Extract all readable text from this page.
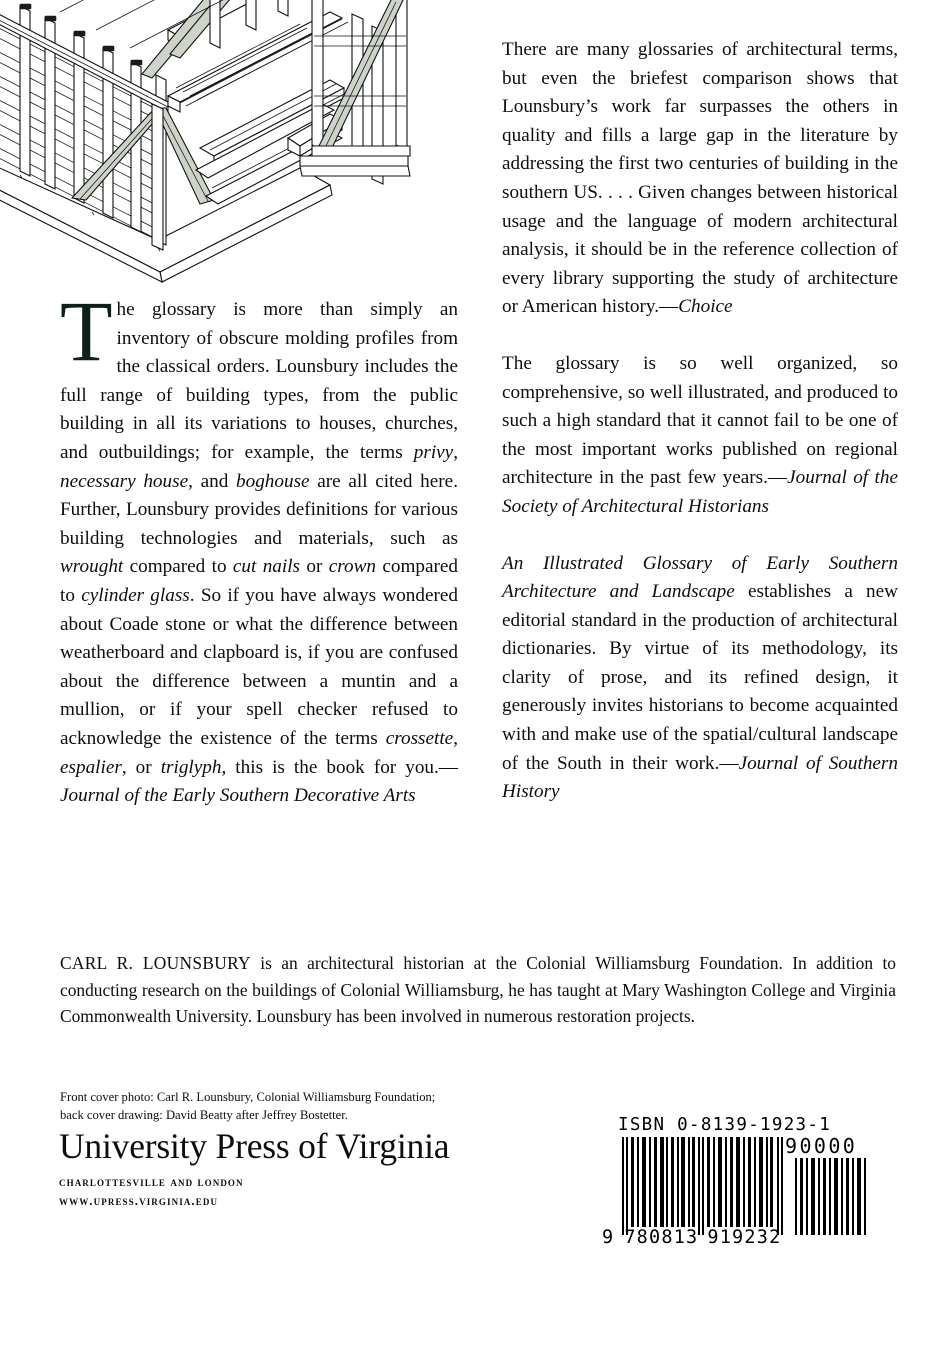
The glossary is more than simply an inventory of obscure molding profiles from the classical orders. Lounsbury includes the full range of building types, from the public building in all its variations to houses, churches, and outbuildings; for example, the terms privy, necessary house, and boghouse are all cited here. Further, Lounsbury provides definitions for various building technologies and materials, such as wrought compared to cut nails or crown compared to cylinder glass. So if you have always wondered about Coade stone or what the difference between weatherboard and clapboard is, if you are confused about the difference between a muntin and a mullion, or if your spell checker refused to acknowledge the existence of the terms crossette, espalier, or triglyph, this is the book for you.—Journal of the Early Southern Decorative Arts

There are many glossaries of architectural terms, but even the briefest comparison shows that Lounsbury’s work far surpasses the others in quality and fills a large gap in the literature by addressing the first two centuries of building in the southern US. . . . Given changes between historical usage and the language of modern architectural analysis, it should be in the reference collection of every library supporting the study of architecture or American history.—Choice

The glossary is so well organized, so comprehensive, so well illustrated, and produced to such a high standard that it cannot fail to be one of the most important works published on regional architecture in the past few years.—Journal of the Society of Architectural Historians

An Illustrated Glossary of Early Southern Architecture and Landscape establishes a new editorial standard in the production of architectural dictionaries. By virtue of its methodology, its clarity of prose, and its refined design, it generously invites historians to become acquainted with and make use of the spatial/cultural landscape of the South in their work.—Journal of Southern History

CARL R. LOUNSBURY is an architectural historian at the Colonial Williamsburg Foundation. In addition to conducting research on the buildings of Colonial Williamsburg, he has taught at Mary Washington College and Virginia Commonwealth University. Lounsbury has been involved in numerous restoration projects.
Front cover photo: Carl R. Lounsbury, Colonial Williamsburg Foundation;
back cover drawing: David Beatty after Jeffrey Bostetter.
University Press of Virginia
charlottesville and london
www.upress.virginia.edu
ISBN 0-8139-1923-1
90000
9 780813 919232
